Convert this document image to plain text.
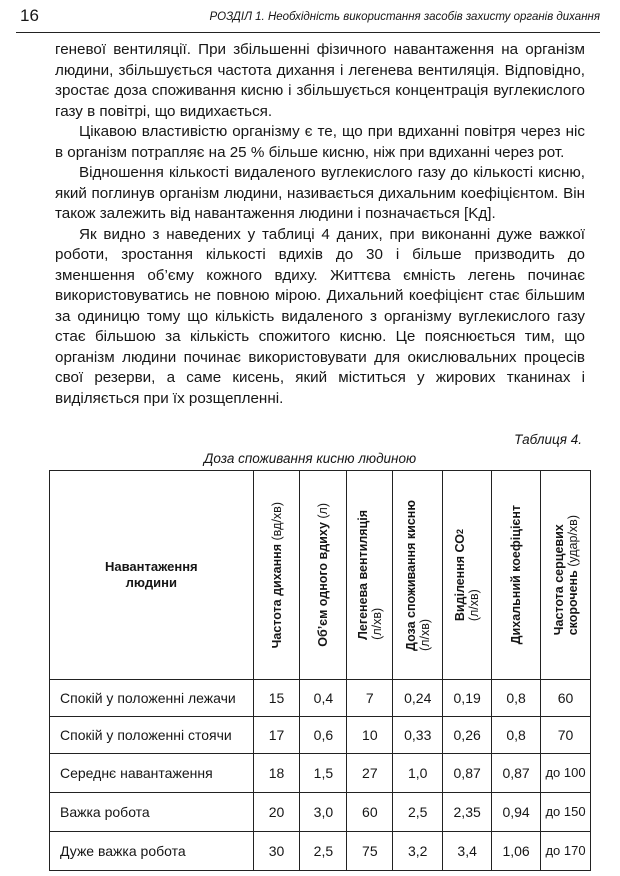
16	РОЗДІЛ 1. Необхідність використання засобів захисту органів дихання

геневої вентиляції. При збільшенні фізичного навантаження на організм людини, збільшується частота дихання і легенева вентиляція. Відповідно, зростає доза споживання кисню і збільшується концентрація вуглекислого газу в повітрі, що видихається.

Цікавою властивістю організму є те, що при вдиханні повітря через ніс в організм потрапляє на 25 % більше кисню, ніж при вдиханні через рот.

Відношення кількості видаленого вуглекислого газу до кількості кисню, який поглинув організм людини, називається дихальним коефіцієнтом. Він також залежить від навантаження людини і позначається [Kд].

Як видно з наведених у таблиці 4 даних, при виконанні дуже важкої роботи, зростання кількості вдихів до 30 і більше призводить до зменшення об’єму кожного вдиху. Життєва ємність легень починає використовуватись не повною мірою. Дихальний коефіцієнт стає більшим за одиницю тому що кількість видаленого з організму вуглекислого газу стає більшою за кількість спожитого кисню. Це пояснюється тим, що організм людини починає використовувати для окислювальних процесів свої резерви, а саме кисень, який міститься у жирових тканинах і виділяється при їх розщепленні.

Таблиця 4.
Доза споживання кисню людиною
Навантаження
людини	Частота дихання (вд/хв)	Об’єм одного вдиху (л)	Легенева вентиляція
(л/хв)	Доза споживання кисню
(л/хв)	Виділення СО2
(л/хв)	Дихальний коефіцієнт	Частота серцевих
скорочень (удар/хв)

Спокій у положенні лежачи	15	0,4	7	0,24	0,19	0,8	60
Спокій у положенні стоячи	17	0,6	10	0,33	0,26	0,8	70
Середнє навантаження	18	1,5	27	1,0	0,87	0,87	до 100
Важка робота	20	3,0	60	2,5	2,35	0,94	до 150
Дуже важка робота	30	2,5	75	3,2	3,4	1,06	до 170
